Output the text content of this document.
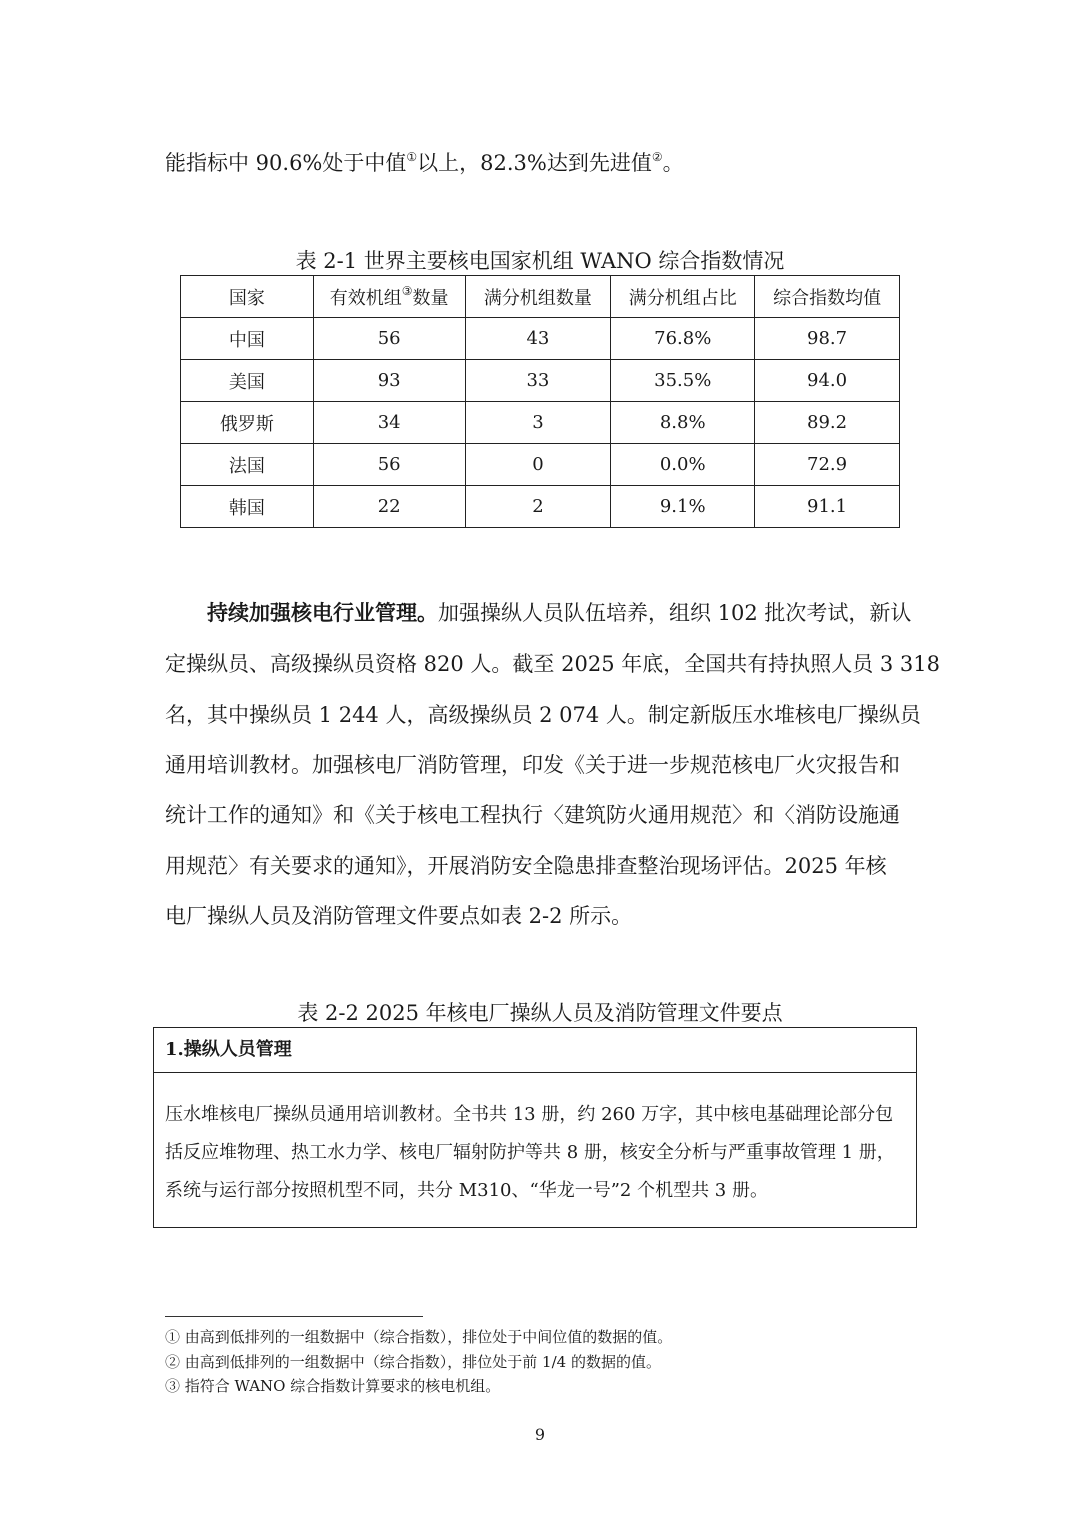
能指标中 90.6%处于中值①以上，82.3%达到先进值②。
表 2-1 世界主要核电国家机组 WANO 综合指数情况
国家	有效机组③数量	满分机组数量	满分机组占比	综合指数均值
中国	56	43	76.8%	98.7
美国	93	33	35.5%	94.0
俄罗斯	34	3	8.8%	89.2
法国	56	0	0.0%	72.9
韩国	22	2	9.1%	91.1
持续加强核电行业管理。加强操纵人员队伍培养，组织 102 批次考试，新认
定操纵员、高级操纵员资格 820 人。截至 2025 年底，全国共有持执照人员 3 318
名，其中操纵员 1 244 人，高级操纵员 2 074 人。制定新版压水堆核电厂操纵员
通用培训教材。加强核电厂消防管理，印发《关于进一步规范核电厂火灾报告和
统计工作的通知》和《关于核电工程执行〈建筑防火通用规范〉和〈消防设施通
用规范〉有关要求的通知》，开展消防安全隐患排查整治现场评估。2025 年核
电厂操纵人员及消防管理文件要点如表 2-2 所示。
表 2-2 2025 年核电厂操纵人员及消防管理文件要点
1.操纵人员管理
压水堆核电厂操纵员通用培训教材。全书共 13 册，约 260 万字，其中核电基础理论部分包
括反应堆物理、热工水力学、核电厂辐射防护等共 8 册，核安全分析与严重事故管理 1 册，
系统与运行部分按照机型不同，共分 M310、“华龙一号”2 个机型共 3 册。
① 由高到低排列的一组数据中（综合指数），排位处于中间位值的数据的值。
② 由高到低排列的一组数据中（综合指数），排位处于前 1/4 的数据的值。
③ 指符合 WANO 综合指数计算要求的核电机组。
9
